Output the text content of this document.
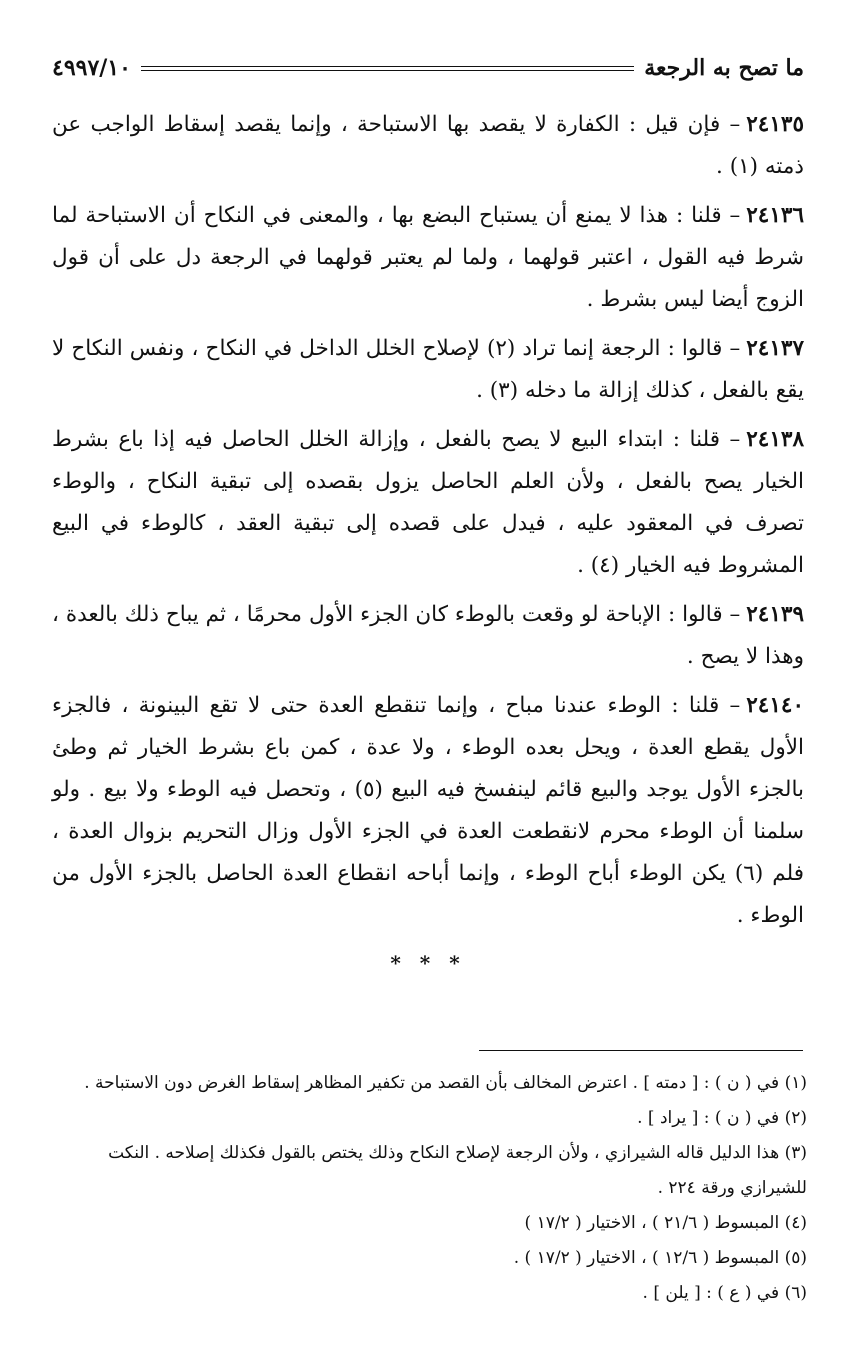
ما تصح به الرجعة
٤٩٩٧/١٠

٢٤١٣٥– فإن قيل : الكفارة لا يقصد بها الاستباحة ، وإنما يقصد إسقاط الواجب عن ذمته (١) .

٢٤١٣٦– قلنا : هذا لا يمنع أن يستباح البضع بها ، والمعنى في النكاح أن الاستباحة لما شرط فيه القول ، اعتبر قولهما ، ولما لم يعتبر قولهما في الرجعة دل على أن قول الزوج أيضا ليس بشرط .

٢٤١٣٧– قالوا : الرجعة إنما تراد (٢) لإصلاح الخلل الداخل في النكاح ، ونفس النكاح لا يقع بالفعل ، كذلك إزالة ما دخله (٣) .

٢٤١٣٨– قلنا : ابتداء البيع لا يصح بالفعل ، وإزالة الخلل الحاصل فيه إذا باع بشرط الخيار يصح بالفعل ، ولأن العلم الحاصل يزول بقصده إلى تبقية النكاح ، والوطء تصرف في المعقود عليه ، فيدل على قصده إلى تبقية العقد ، كالوطء في البيع المشروط فيه الخيار (٤) .

٢٤١٣٩– قالوا : الإباحة لو وقعت بالوطء كان الجزء الأول محرمًا ، ثم يباح ذلك بالعدة ، وهذا لا يصح .

٢٤١٤٠– قلنا : الوطء عندنا مباح ، وإنما تنقطع العدة حتى لا تقع البينونة ، فالجزء الأول يقطع العدة ، ويحل بعده الوطء ، ولا عدة ، كمن باع بشرط الخيار ثم وطئ بالجزء الأول يوجد والبيع قائم لينفسخ فيه البيع (٥) ، وتحصل فيه الوطء ولا بيع . ولو سلمنا أن الوطء محرم لانقطعت العدة في الجزء الأول وزال التحريم بزوال العدة ، فلم (٦) يكن الوطء أباح الوطء ، وإنما أباحه انقطاع العدة الحاصل بالجزء الأول من الوطء .

* * *

(١) في ( ن ) : [ دمته ] . اعترض المخالف بأن القصد من تكفير المظاهر إسقاط الغرض دون الاستباحة .

(٢) في ( ن ) : [ يراد ] .

(٣) هذا الدليل قاله الشيرازي ، ولأن الرجعة لإصلاح النكاح وذلك يختص بالقول فكذلك إصلاحه . النكت للشيرازي ورقة ٢٢٤ .

(٤) المبسوط ( ٢١/٦ ) ، الاختيار ( ١٧/٢ )

(٥) المبسوط ( ١٢/٦ ) ، الاختيار ( ١٧/٢ ) .

(٦) في ( ع ) : [ يلن ] .
